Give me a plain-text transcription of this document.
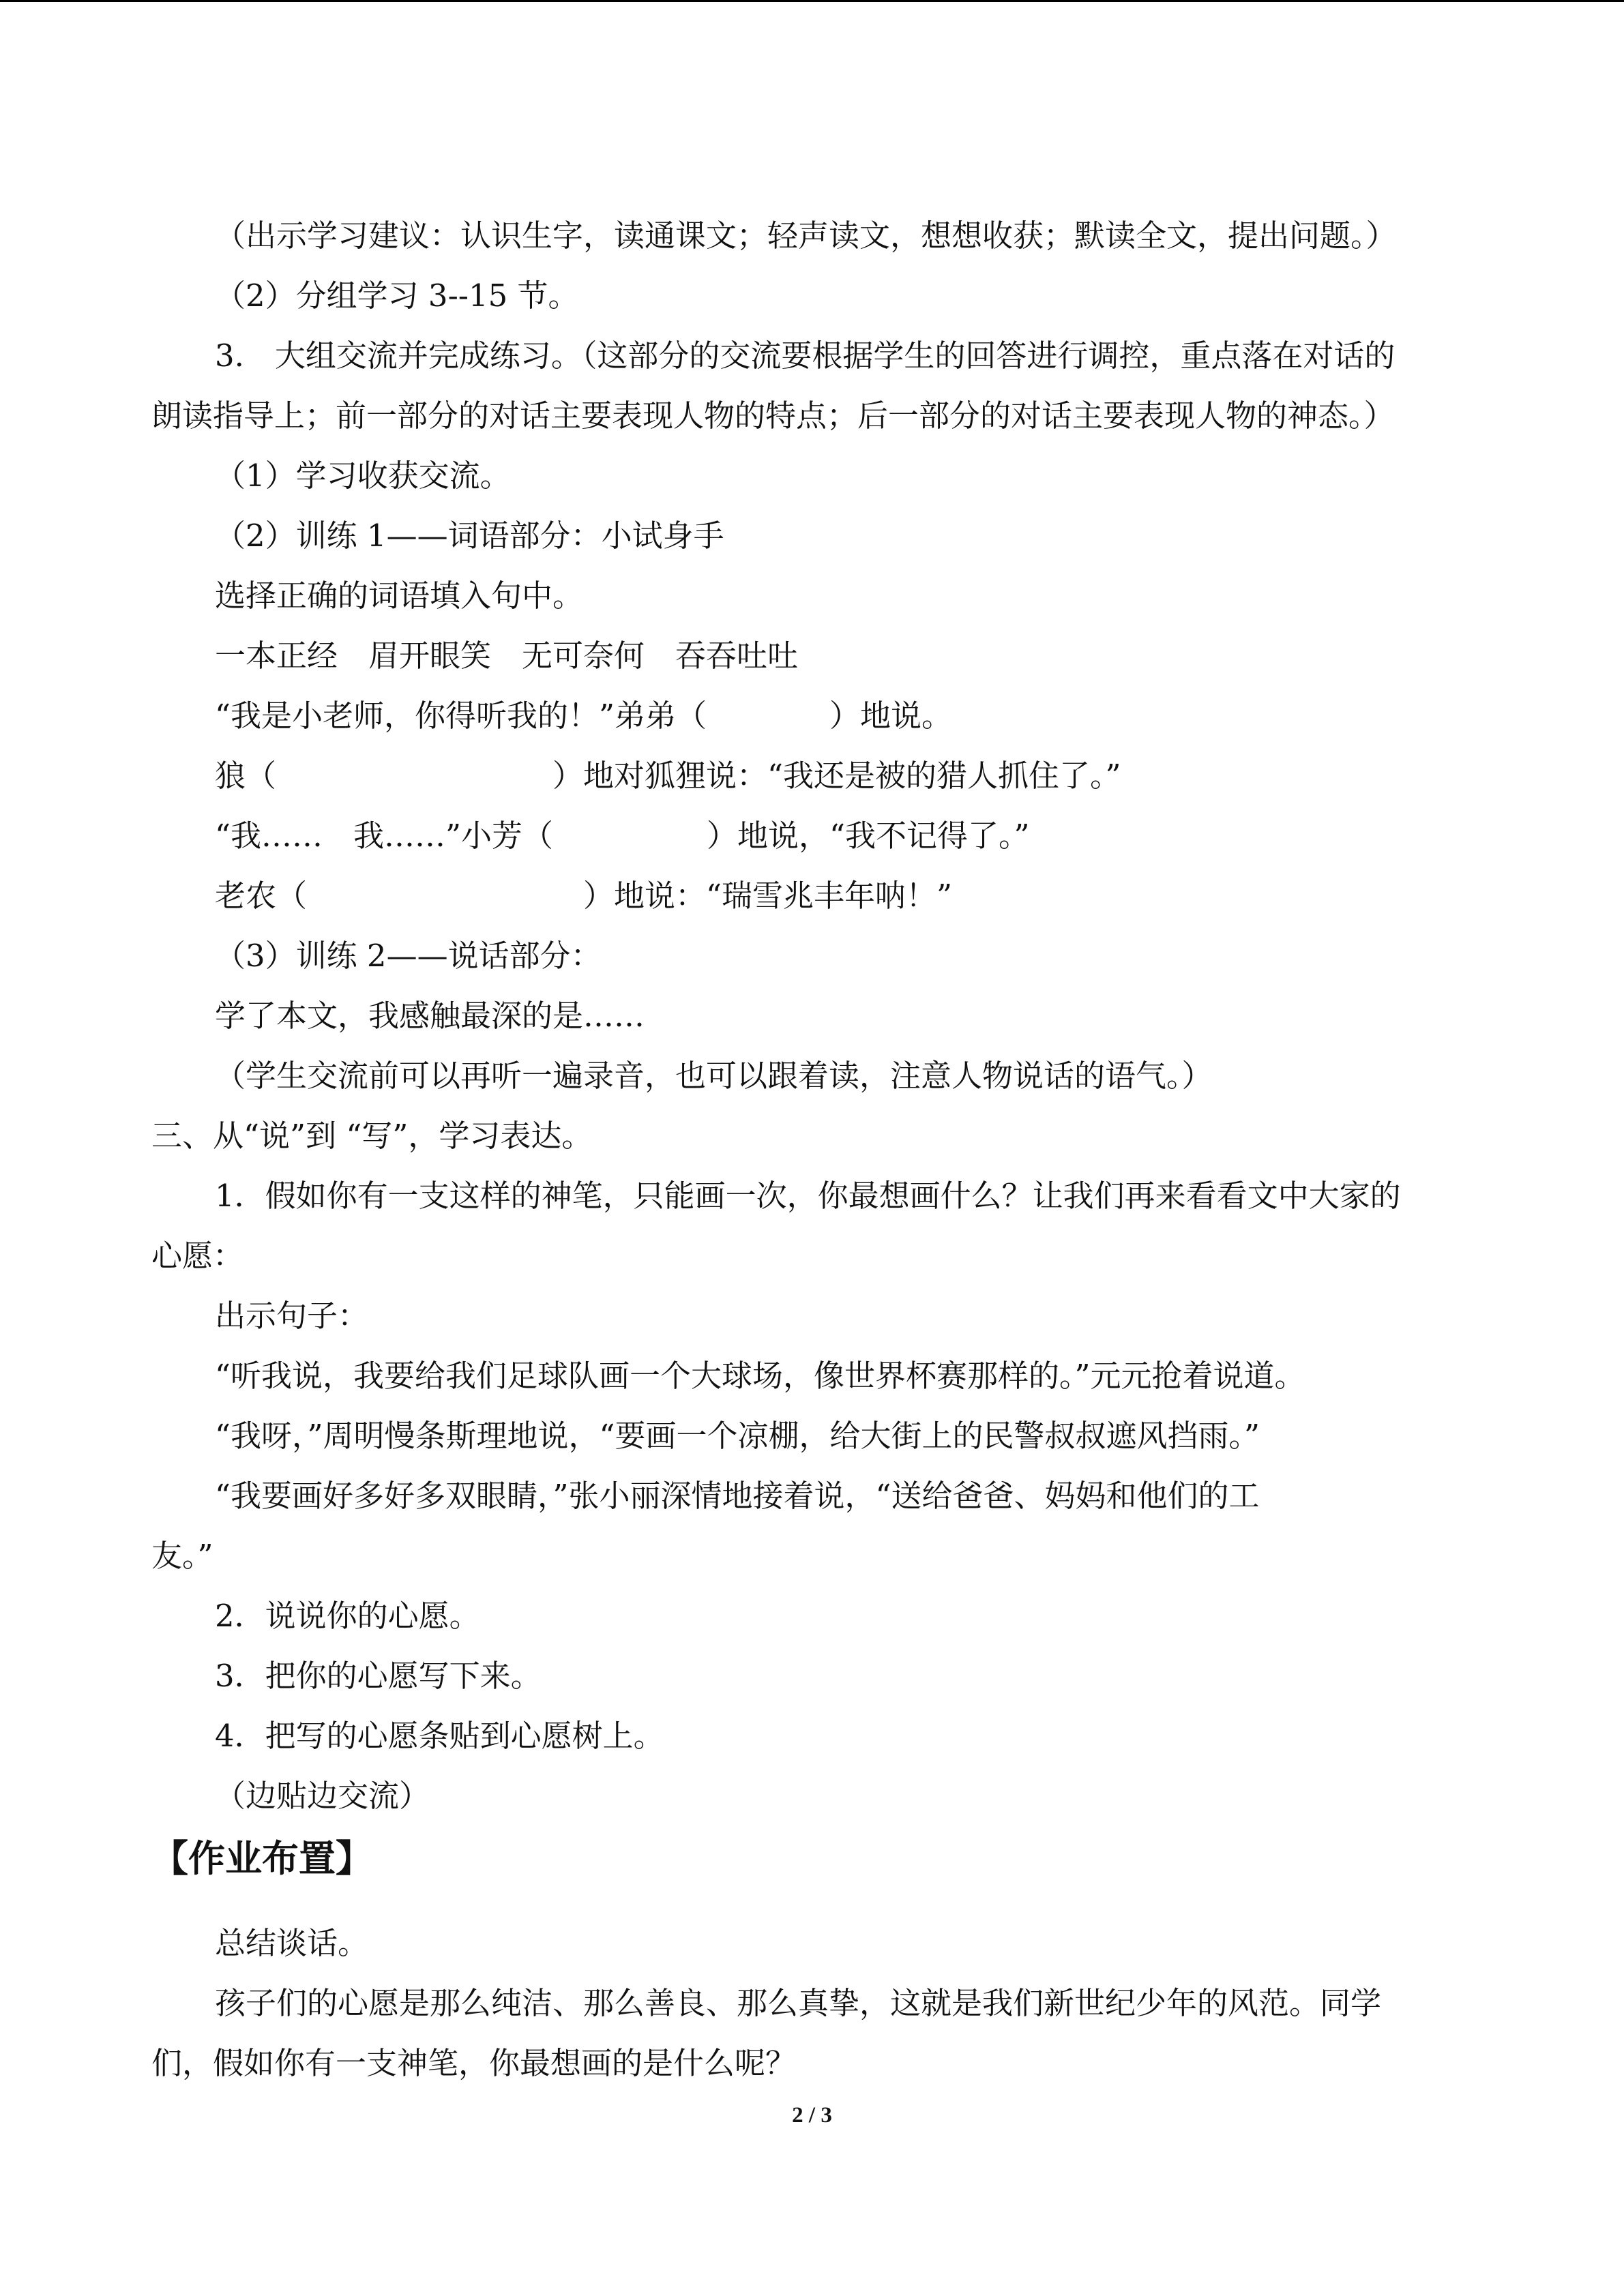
（出示学习建议：认识生字，读通课文；轻声读文，想想收获；默读全文，提出问题。）
（2）分组学习 3--15 节。
3.　大组交流并完成练习。（这部分的交流要根据学生的回答进行调控，重点落在对话的
朗读指导上；前一部分的对话主要表现人物的特点；后一部分的对话主要表现人物的神态。）
（1）学习收获交流。
（2）训练 1——词语部分：小试身手
选择正确的词语填入句中。
一本正经　眉开眼笑　无可奈何　吞吞吐吐
“我是小老师，你得听我的！”弟弟（　　　　）地说。
狼（　　　　　　　　　）地对狐狸说：“我还是被的猎人抓住了。”
“我……　我……”小芳（　　　　　）地说，“我不记得了。”
老农（　　　　　　　　　）地说：“瑞雪兆丰年呐！”
（3）训练 2——说话部分：
学了本文，我感触最深的是……
（学生交流前可以再听一遍录音，也可以跟着读，注意人物说话的语气。）
三、从“说”到 “写”，学习表达。
1．假如你有一支这样的神笔，只能画一次，你最想画什么？让我们再来看看文中大家的
心愿：
出示句子：
“听我说，我要给我们足球队画一个大球场，像世界杯赛那样的。”元元抢着说道。
“我呀，”周明慢条斯理地说，“要画一个凉棚，给大街上的民警叔叔遮风挡雨。”
“我要画好多好多双眼睛，”张小丽深情地接着说，“送给爸爸、妈妈和他们的工
友。”
2．说说你的心愿。
3．把你的心愿写下来。
4．把写的心愿条贴到心愿树上。
（边贴边交流）
【作业布置】
总结谈话。
孩子们的心愿是那么纯洁、那么善良、那么真挚，这就是我们新世纪少年的风范。同学
们，假如你有一支神笔，你最想画的是什么呢？
2 / 3
